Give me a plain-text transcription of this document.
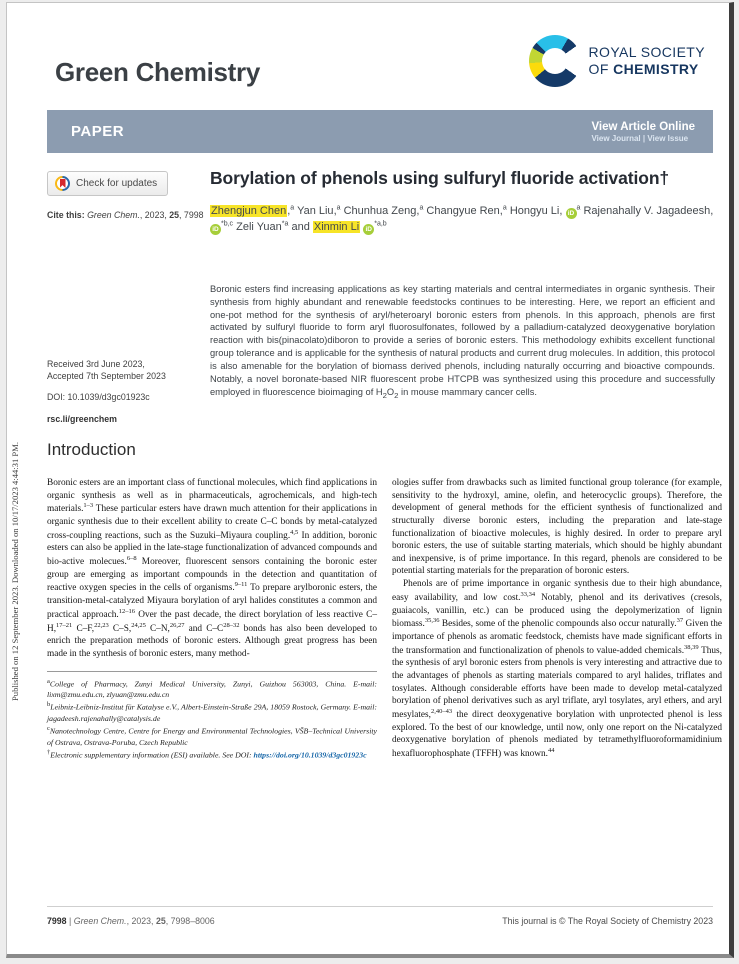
Published on 12 September 2023. Downloaded on 10/17/2023 4:44:31 PM.
Green Chemistry
ROYAL SOCIETY
OF CHEMISTRY
PAPER	View Article Online
View Journal | View Issue
Check for updates
Cite this: Green Chem., 2023, 25, 7998
Borylation of phenols using sulfuryl fluoride activation†
Zhengjun Chen,$^a$ Yan Liu,$^a$ Chunhua Zeng,$^a$ Changyue Ren,$^a$ Hongyu Li, $iD^a$ Rajenahally V. Jagadeesh, iD$^{*b,c}$ Zeli Yuan$^{*a}$ and Xinmin Li iD$^{*a,b}$
Boronic esters find increasing applications as key starting materials and central intermediates in organic synthesis. Their synthesis from highly abundant and renewable feedstocks continues to be interesting. Here, we report an efficient and one-pot method for the synthesis of aryl/heteroaryl boronic esters from phenols. In this approach, phenols are first activated by sulfuryl fluoride to form aryl fluorosulfonates, followed by a palladium-catalyzed deoxygenative borylation reaction with bis(pinacolato)diboron to provide a series of boronic esters. This methodology exhibits excellent functional group tolerance and is applicable for the synthesis of natural products and current drug molecules. In addition, this protocol is also amenable for the borylation of biomass derived phenols, including naturally occurring and bioactive compounds. Notably, a novel boronate-based NIR fluorescent probe HTCPB was synthesized using this procedure and successfully employed in fluorescence bioimaging of $H_2O_2$ in mouse mammary cancer cells.
Received 3rd June 2023,
Accepted 7th September 2023
DOI: 10.1039/d3gc01923c
rsc.li/greenchem
Introduction

Boronic esters are an important class of functional molecules, which find applications in organic synthesis as well as in pharmaceuticals, agrochemicals, and high-tech materials.$^{1-3}$ These particular esters have drawn much attention for their applications in organic synthesis due to their excellent ability to create C–C bonds by metal-catalyzed cross-coupling reactions, such as the Suzuki–Miyaura coupling.$^{4,5}$ In addition, boronic esters can also be applied in the late-stage functionalization of advanced compounds and bio-active molecues.$^{6-8}$ Moreover, fluorescent sensors containing the boronic ester group are emerging as important compounds in the detection and quantitation of reactive oxygen species in the cells of organisms.$^{9-11}$ To prepare arylboronic esters, the transition-metal-catalyzed Miyaura borylation of aryl halides constitutes a common and practical approach.$^{12-16}$ Over the past decade, the direct borylation of less reactive C–H,$^{17-21}$ C–F,$^{22,23}$ C–S,$^{24,25}$ C–N,$^{26,27}$ and $C-C^{28-32}$ bonds has also been developed to enrich the preparation methods of boronic esters. Although great progress has been made in the synthesis of boronic esters, many method-

$^a$College of Pharmacy, Zunyi Medical University, Zunyi, Guizhou 563003, China. E-mail: lixm@zmu.edu.cn, zlyuan@zmu.edu.cn
$^b$Leibniz-Leibniz-Institut für Katalyse e.V., Albert-Einstein-Straße 29A, 18059 Rostock, Germany. E-mail: jagadeesh.rajenahally@catalysis.de
$^c$Nanotechnology Centre, Centre for Energy and Environmental Technologies, VŠB–Technical University of Ostrava, Ostrava-Poruba, Czech Republic
†Electronic supplementary information (ESI) available. See DOI: https://doi.org/10.1039/d3gc01923c

ologies suffer from drawbacks such as limited functional group tolerance (for example, sensitivity to the hydroxyl, amine, olefin, and heterocyclic groups). Therefore, the development of general methods for the efficient synthesis of functionalized and structurally diverse boronic esters, including the preparation and late-stage functionalization of bioactive molecules, is highly desired. In order to prepare aryl boronic esters, the use of suitable starting materials, which should be highly abundant and inexpensive, is of prime importance. In this regard, phenols are considered to be potential starting materials for the preparation of boronic esters.

Phenols are of prime importance in organic synthesis due to their high abundance, easy availability, and low cost.$^{33,34}$ Notably, phenol and its derivatives (cresols, guaiacols, vanillin, etc.) can be produced using the depolymerization of lignin biomass.$^{35,36}$ Besides, some of the phenolic compounds also occur naturally.$^{37}$ Given the importance of phenols as aromatic feedstock, chemists have made significant efforts in the transformation and functionalization of phenols to value-added chemicals.$^{38,39}$ Thus, the synthesis of aryl boronic esters from phenols is very interesting and attractive due to the advantages of phenols as starting materials compared to aryl halides, triflates and tosylates. Although considerable efforts have been made to develop metal-catalyzed borylation of phenol derivatives such as aryl triflate, aryl tosylates, aryl ethers, and aryl mesylates,$^{2,40-43}$ the direct deoxygenative borylation with unprotected phenol is less explored. To the best of our knowledge, until now, only one report on the Ni-catalyzed deoxygenative borylation of phenols mediated by tetramethylfluoroformamidinium hexafluorophosphate (TFFH) was known.$^{44}$

7998 | Green Chem., 2023, 25, 7998–8006	This journal is © The Royal Society of Chemistry 2023
